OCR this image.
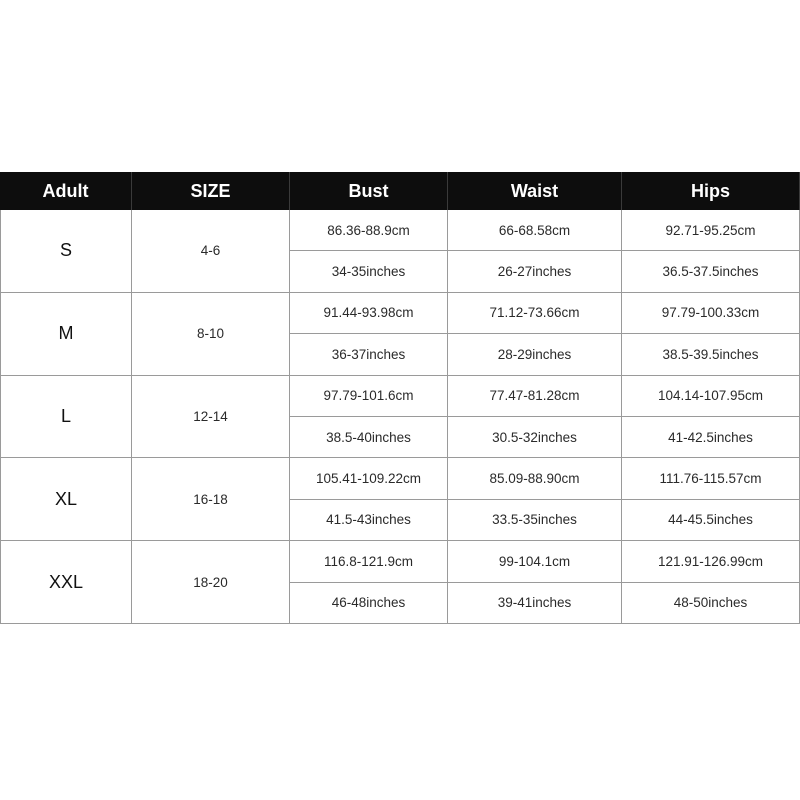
Adult	SIZE	Bust	Waist	Hips
S	4-6
86.36-88.9cm	66-68.58cm	92.71-95.25cm
34-35inches	26-27inches	36.5-37.5inches
M	8-10
91.44-93.98cm	71.12-73.66cm	97.79-100.33cm
36-37inches	28-29inches	38.5-39.5inches
L	12-14
97.79-101.6cm	77.47-81.28cm	104.14-107.95cm
38.5-40inches	30.5-32inches	41-42.5inches
XL	16-18
105.41-109.22cm	85.09-88.90cm	111.76-115.57cm
41.5-43inches	33.5-35inches	44-45.5inches
XXL	18-20
116.8-121.9cm	99-104.1cm	121.91-126.99cm
46-48inches	39-41inches	48-50inches
